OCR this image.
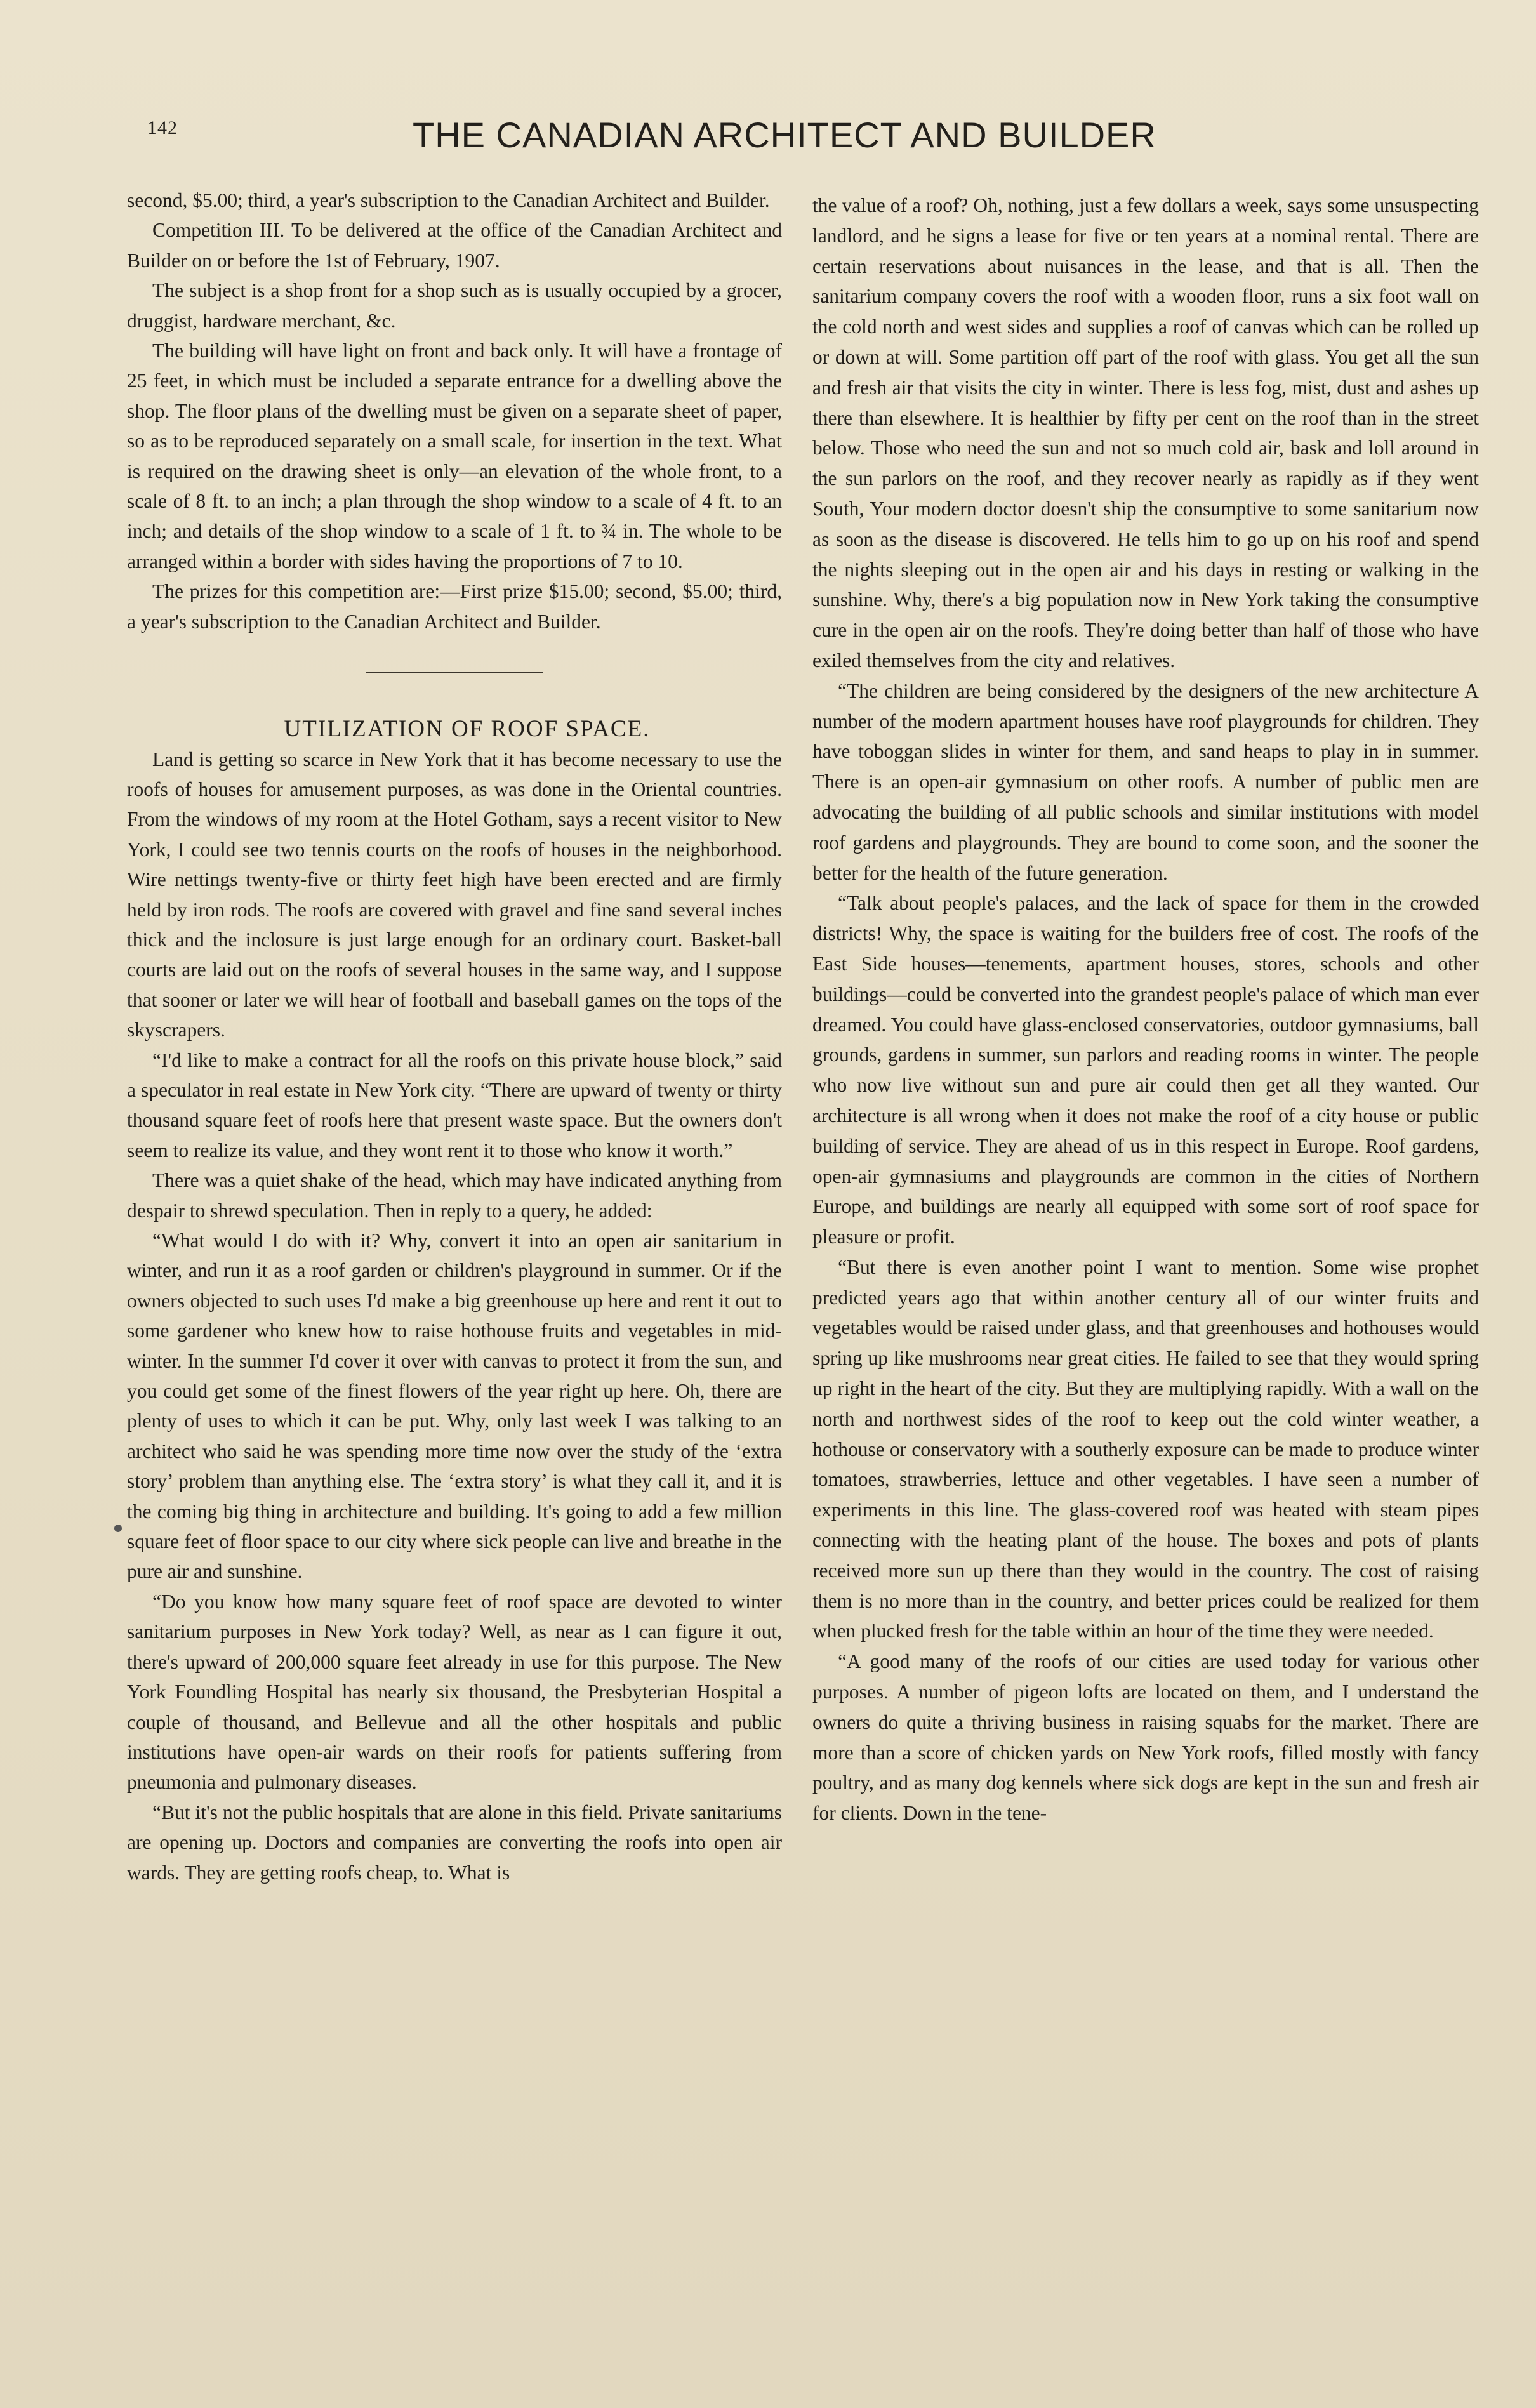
142	THE CANADIAN ARCHITECT AND BUILDER

second, $5.00; third, a year's subscription to the Canadian Architect and Builder.

Competition III. To be delivered at the office of the Canadian Architect and Builder on or before the 1st of February, 1907.

The subject is a shop front for a shop such as is usually occupied by a grocer, druggist, hardware merchant, &c.

The building will have light on front and back only. It will have a frontage of 25 feet, in which must be included a separate entrance for a dwelling above the shop. The floor plans of the dwelling must be given on a separate sheet of paper, so as to be reproduced separately on a small scale, for insertion in the text. What is required on the drawing sheet is only—an elevation of the whole front, to a scale of 8 ft. to an inch; a plan through the shop window to a scale of 4 ft. to an inch; and details of the shop window to a scale of 1 ft. to ¾ in. The whole to be arranged within a border with sides having the proportions of 7 to 10.

The prizes for this competition are:—First prize $15.00; second, $5.00; third, a year's subscription to the Canadian Architect and Builder.

UTILIZATION OF ROOF SPACE.

Land is getting so scarce in New York that it has become necessary to use the roofs of houses for amusement purposes, as was done in the Oriental countries. From the windows of my room at the Hotel Gotham, says a recent visitor to New York, I could see two tennis courts on the roofs of houses in the neighborhood. Wire nettings twenty-five or thirty feet high have been erected and are firmly held by iron rods. The roofs are covered with gravel and fine sand several inches thick and the inclosure is just large enough for an ordinary court. Basket-ball courts are laid out on the roofs of several houses in the same way, and I suppose that sooner or later we will hear of football and baseball games on the tops of the skyscrapers.

“I'd like to make a contract for all the roofs on this private house block,” said a speculator in real estate in New York city. “There are upward of twenty or thirty thousand square feet of roofs here that present waste space. But the owners don't seem to realize its value, and they wont rent it to those who know it worth.”

There was a quiet shake of the head, which may have indicated anything from despair to shrewd speculation. Then in reply to a query, he added:

“What would I do with it? Why, convert it into an open air sanitarium in winter, and run it as a roof garden or children's playground in summer. Or if the owners objected to such uses I'd make a big greenhouse up here and rent it out to some gardener who knew how to raise hothouse fruits and vegetables in mid-winter. In the summer I'd cover it over with canvas to protect it from the sun, and you could get some of the finest flowers of the year right up here. Oh, there are plenty of uses to which it can be put. Why, only last week I was talking to an architect who said he was spending more time now over the study of the ‘extra story’ problem than anything else. The ‘extra story’ is what they call it, and it is the coming big thing in architecture and building. It's going to add a few million square feet of floor space to our city where sick people can live and breathe in the pure air and sunshine.

“Do you know how many square feet of roof space are devoted to winter sanitarium purposes in New York today? Well, as near as I can figure it out, there's upward of 200,000 square feet already in use for this purpose. The New York Foundling Hospital has nearly six thousand, the Presbyterian Hospital a couple of thousand, and Bellevue and all the other hospitals and public institutions have open-air wards on their roofs for patients suffering from pneumonia and pulmonary diseases.

“But it's not the public hospitals that are alone in this field. Private sanitariums are opening up. Doctors and companies are converting the roofs into open air wards. They are getting roofs cheap, to. What is

the value of a roof? Oh, nothing, just a few dollars a week, says some unsuspecting landlord, and he signs a lease for five or ten years at a nominal rental. There are certain reservations about nuisances in the lease, and that is all. Then the sanitarium company covers the roof with a wooden floor, runs a six foot wall on the cold north and west sides and supplies a roof of canvas which can be rolled up or down at will. Some partition off part of the roof with glass. You get all the sun and fresh air that visits the city in winter. There is less fog, mist, dust and ashes up there than elsewhere. It is healthier by fifty per cent on the roof than in the street below. Those who need the sun and not so much cold air, bask and loll around in the sun parlors on the roof, and they recover nearly as rapidly as if they went South, Your modern doctor doesn't ship the consumptive to some sanitarium now as soon as the disease is discovered. He tells him to go up on his roof and spend the nights sleeping out in the open air and his days in resting or walking in the sunshine. Why, there's a big population now in New York taking the consumptive cure in the open air on the roofs. They're doing better than half of those who have exiled themselves from the city and relatives.

“The children are being considered by the designers of the new architecture A number of the modern apartment houses have roof playgrounds for children. They have toboggan slides in winter for them, and sand heaps to play in in summer. There is an open-air gymnasium on other roofs. A number of public men are advocating the building of all public schools and similar institutions with model roof gardens and playgrounds. They are bound to come soon, and the sooner the better for the health of the future generation.

“Talk about people's palaces, and the lack of space for them in the crowded districts! Why, the space is waiting for the builders free of cost. The roofs of the East Side houses—tenements, apartment houses, stores, schools and other buildings—could be converted into the grandest people's palace of which man ever dreamed. You could have glass-enclosed conservatories, outdoor gymnasiums, ball grounds, gardens in summer, sun parlors and reading rooms in winter. The people who now live without sun and pure air could then get all they wanted. Our architecture is all wrong when it does not make the roof of a city house or public building of service. They are ahead of us in this respect in Europe. Roof gardens, open-air gymnasiums and playgrounds are common in the cities of Northern Europe, and buildings are nearly all equipped with some sort of roof space for pleasure or profit.

“But there is even another point I want to mention. Some wise prophet predicted years ago that within another century all of our winter fruits and vegetables would be raised under glass, and that greenhouses and hothouses would spring up like mushrooms near great cities. He failed to see that they would spring up right in the heart of the city. But they are multiplying rapidly. With a wall on the north and northwest sides of the roof to keep out the cold winter weather, a hothouse or conservatory with a southerly exposure can be made to produce winter tomatoes, strawberries, lettuce and other vegetables. I have seen a number of experiments in this line. The glass-covered roof was heated with steam pipes connecting with the heating plant of the house. The boxes and pots of plants received more sun up there than they would in the country. The cost of raising them is no more than in the country, and better prices could be realized for them when plucked fresh for the table within an hour of the time they were needed.

“A good many of the roofs of our cities are used today for various other purposes. A number of pigeon lofts are located on them, and I understand the owners do quite a thriving business in raising squabs for the market. There are more than a score of chicken yards on New York roofs, filled mostly with fancy poultry, and as many dog kennels where sick dogs are kept in the sun and fresh air for clients. Down in the tene-
